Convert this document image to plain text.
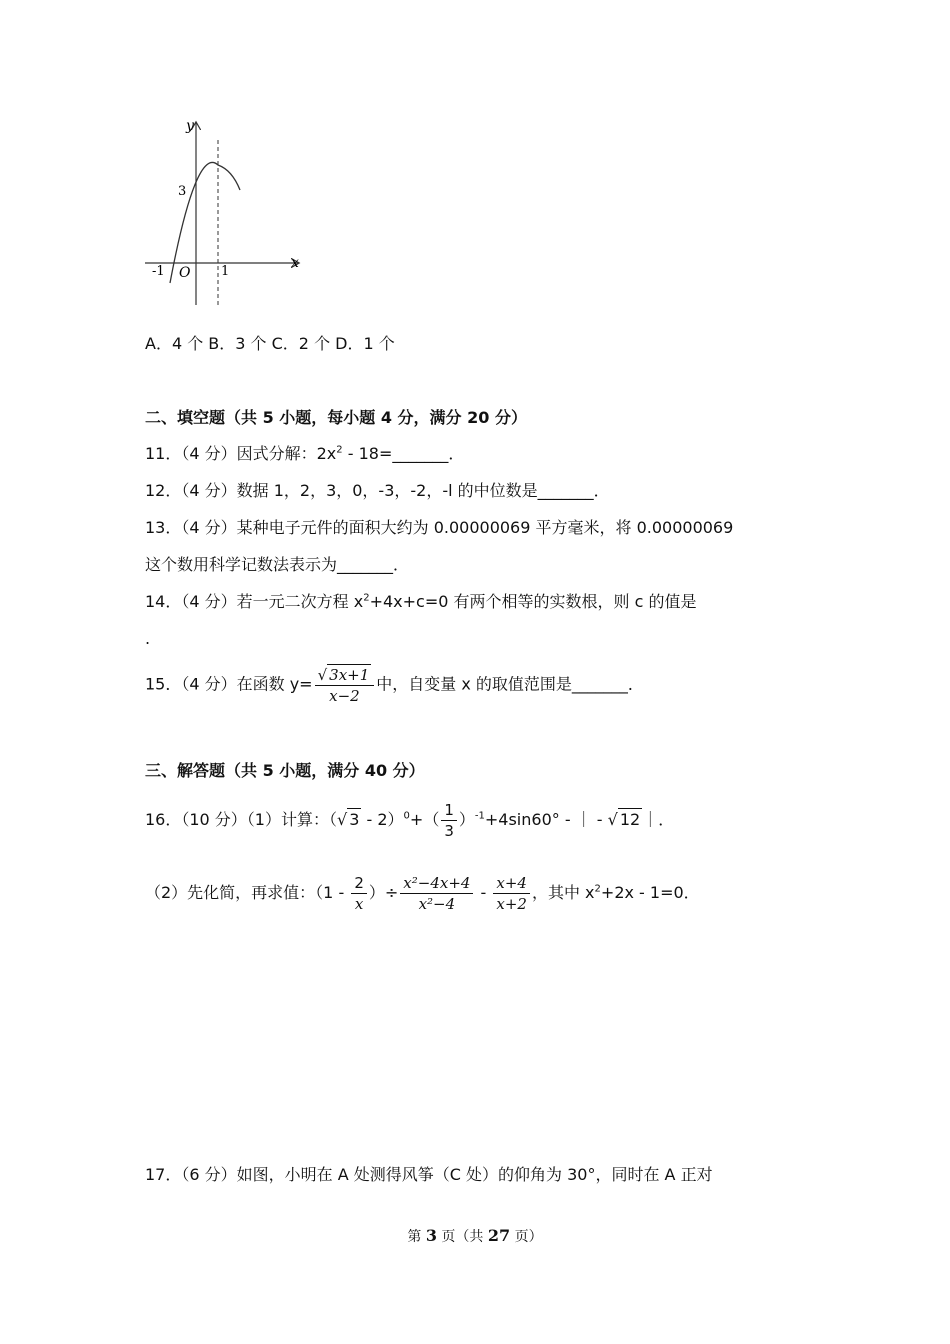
y
x
O
-1	1
3
A．4 个 B．3 个 C．2 个 D．1 个
二、填空题（共 5 小题，每小题 4 分，满分 20 分）
11．（4 分）因式分解：$2x^2$ ‐ 18=_______．
12．（4 分）数据 1，2，3，0，‐3，‐2，‐l 的中位数是_______．
13．（4 分）某种电子元件的面积大约为 0.00000069 平方毫米，将 0.00000069
这个数用科学记数法表示为_______．
14．（4 分）若一元二次方程 $x^2+4x+c=0$ 有两个相等的实数根，则 c 的值是
.
15．（4 分）在函数 $y= \frac{√ 3x+1}{x-2}$ 中，自变量 x 的取值范围是_______．
三、解答题（共 5 小题，满分 40 分）
16．（10 分）（1）计算：（√ 3 ‐ $2)^0+( \frac{1}{3} )^{‐1}+4\sin 60^\circ$ ‐ ｜ ‐ √ 12 ｜．
（2）先化简，再求值：（1 ‐ $\frac{2}{x}$ ）÷ $\frac{\text{x²−4x+4}}{\text{x²−4}}$ ‐ $\frac{x+4}{x+2}$ ，其中 $x^2+2x$ ‐ 1=0．
17．（6 分）如图，小明在 A 处测得风筝（C 处）的仰角为 30°，同时在 A 正对
第 3 页（共 27 页）
